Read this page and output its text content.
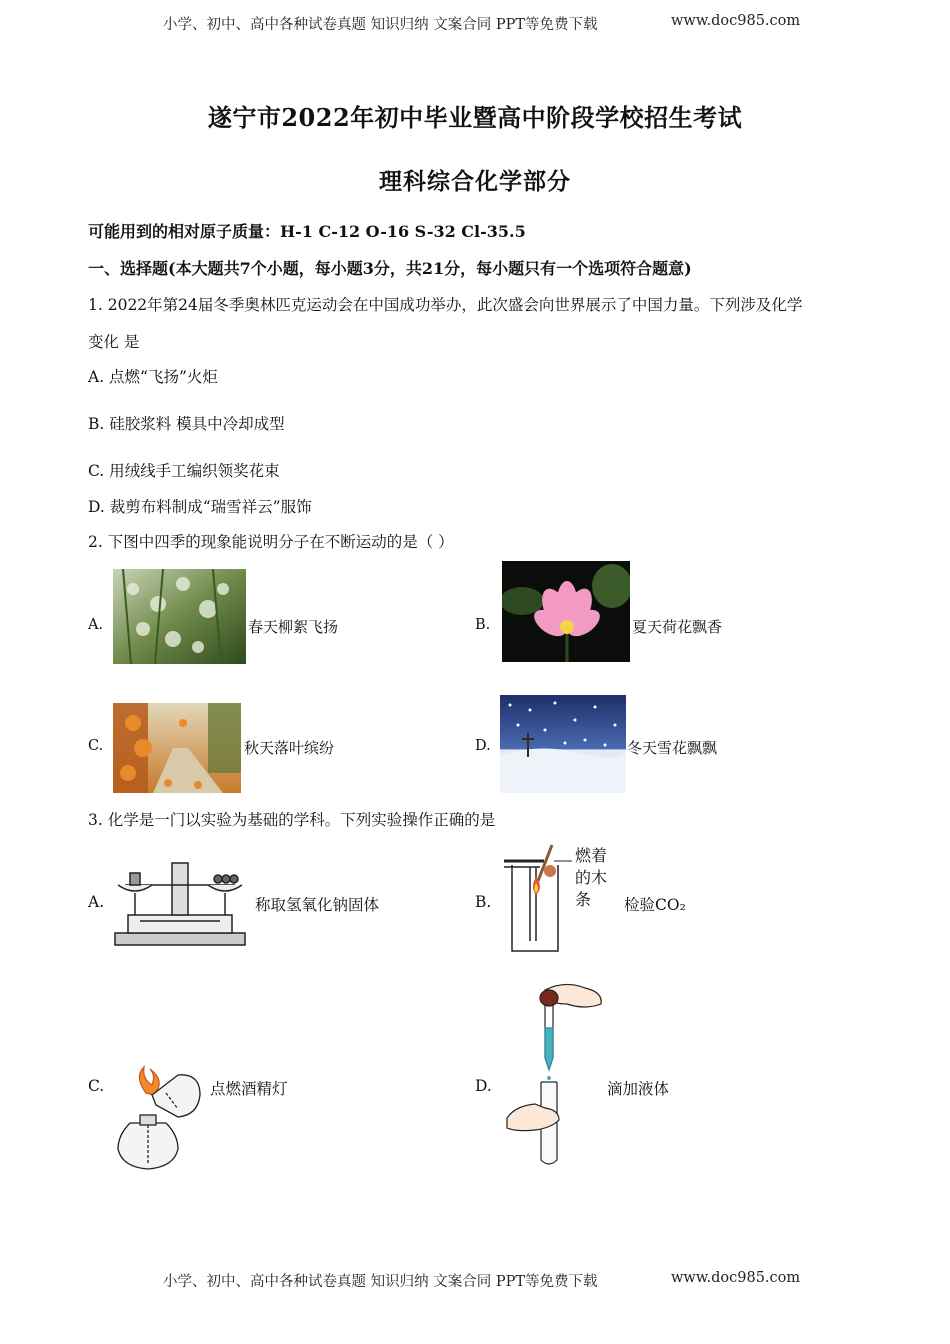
小学、初中、高中各种试卷真题 知识归纳 文案合同 PPT等免费下载	www.doc985.com
遂宁市2022年初中毕业暨高中阶段学校招生考试
理科综合化学部分
可能用到的相对原子质量：H-1 C-12 O-16 S-32 Cl-35.5
一、选择题(本大题共7个小题，每小题3分，共21分，每小题只有一个选项符合题意)
1. 2022年第24届冬季奥林匹克运动会在中国成功举办，此次盛会向世界展示了中国力量。下列涉及化学
变化 是
A. 点燃“飞扬”火炬
B. 硅胶浆料 模具中冷却成型
C. 用绒线手工编织领奖花束
D. 裁剪布料制成“瑞雪祥云”服饰
2. 下图中四季的现象能说明分子在不断运动的是（ ）
A.	春天柳絮飞扬	B.	夏天荷花飘香
C.	秋天落叶缤纷	D.	冬天雪花飘飘
3. 化学是一门以实验为基础的学科。下列实验操作正确的是
A.	称取氢氧化钠固体	B.
燃着
的木
条	检验CO₂
C.	点燃酒精灯	D.	滴加液体
小学、初中、高中各种试卷真题 知识归纳 文案合同 PPT等免费下载	www.doc985.com
